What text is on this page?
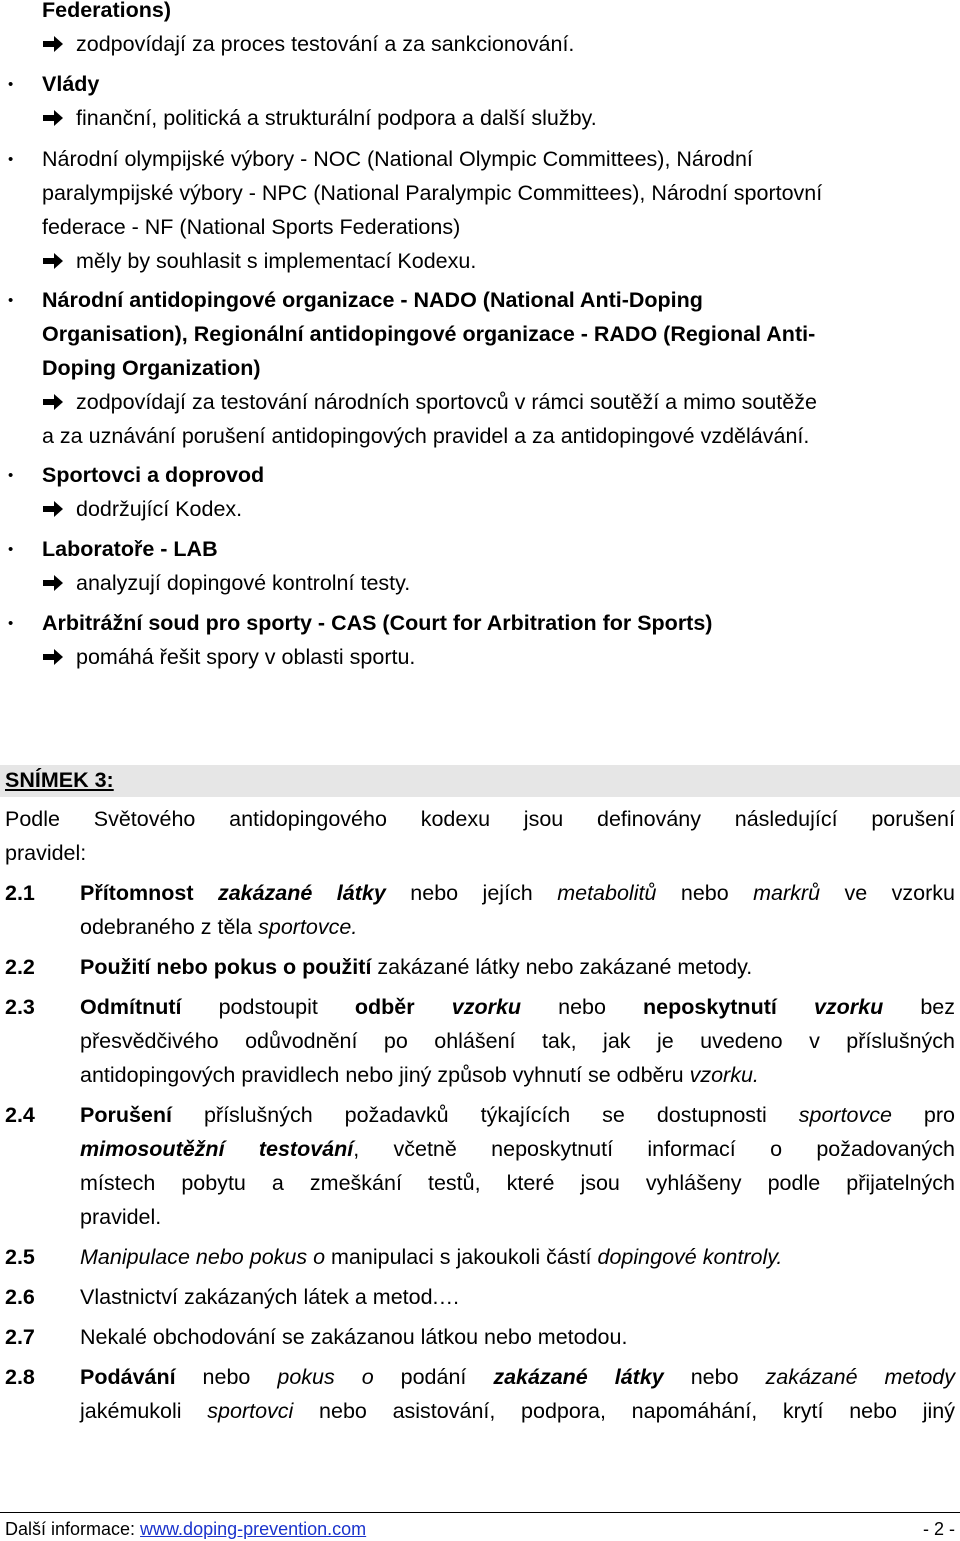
Federations)
zodpovídají za proces testování a za sankcionování.
• Vlády
finanční, politická a strukturální podpora a další služby.
• Národní olympijské výbory - NOC (National Olympic Committees), Národní
paralympijské výbory - NPC (National Paralympic Committees), Národní sportovní
federace - NF (National Sports Federations)
měly by souhlasit s implementací Kodexu.
• Národní antidopingové organizace - NADO (National Anti-Doping
Organisation), Regionální antidopingové organizace - RADO (Regional Anti-
Doping Organization)
zodpovídají za testování národních sportovců v rámci soutěží a mimo soutěže
a za uznávání porušení antidopingových pravidel a za antidopingové vzdělávání.
• Sportovci a doprovod
dodržující Kodex.
• Laboratoře - LAB
analyzují dopingové kontrolní testy.
• Arbitrážní soud pro sporty - CAS (Court for Arbitration for Sports)
pomáhá řešit spory v oblasti sportu.
SNÍMEK 3:
Podle Světového antidopingového kodexu jsou definovány následující porušení
pravidel:
2.1 Přítomnost zakázané látky nebo jejích metabolitů nebo markrů ve vzorku
odebraného z těla sportovce.
2.2 Použití nebo pokus o použití zakázané látky nebo zakázané metody.
2.3 Odmítnutí podstoupit odběr vzorku nebo neposkytnutí vzorku bez
přesvědčivého odůvodnění po ohlášení tak, jak je uvedeno v příslušných
antidopingových pravidlech nebo jiný způsob vyhnutí se odběru vzorku.
2.4 Porušení příslušných požadavků týkajících se dostupnosti sportovce pro
mimosoutěžní testování, včetně neposkytnutí informací o požadovaných
místech pobytu a zmeškání testů, které jsou vyhlášeny podle přijatelných
pravidel.
2.5 Manipulace nebo pokus o manipulaci s jakoukoli částí dopingové kontroly.
2.6 Vlastnictví zakázaných látek a metod.…
2.7 Nekalé obchodování se zakázanou látkou nebo metodou.
2.8 Podávání nebo pokus o podání zakázané látky nebo zakázané metody
jakémukoli sportovci nebo asistování, podpora, napomáhání, krytí nebo jiný
Další informace: www.doping-prevention.com	- 2 -
